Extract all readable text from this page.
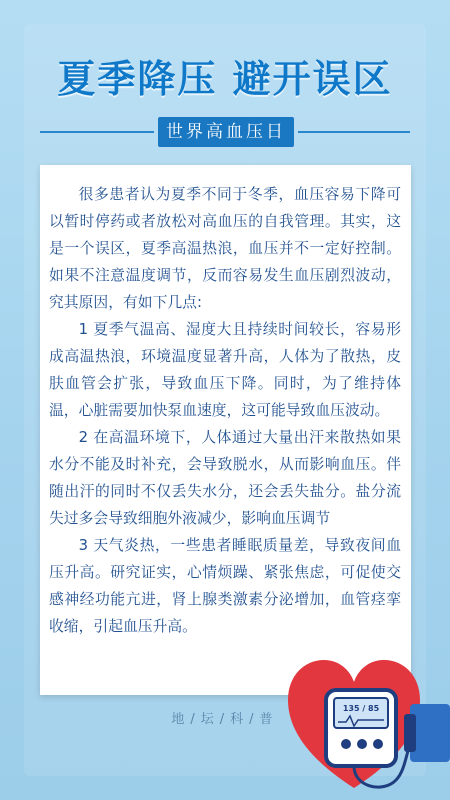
夏季降压 避开误区
世界高血压日

很多患者认为夏季不同于冬季，血压容易下降可以暂时停药或者放松对高血压的自我管理。其实，这是一个误区，夏季高温热浪，血压并不一定好控制。如果不注意温度调节，反而容易发生血压剧烈波动，究其原因，有如下几点:

1 夏季气温高、湿度大且持续时间较长，容易形成高温热浪，环境温度显著升高，人体为了散热，皮肤血管会扩张，导致血压下降。同时，为了维持体温，心脏需要加快泵血速度，这可能导致血压波动。

2 在高温环境下，人体通过大量出汗来散热如果水分不能及时补充，会导致脱水，从而影响血压。伴随出汗的同时不仅丢失水分，还会丢失盐分。盐分流失过多会导致细胞外液减少，影响血压调节

3 天气炎热，一些患者睡眠质量差，导致夜间血压升高。研究证实，心情烦躁、紧张焦虑，可促使交感神经功能亢进，肾上腺类激素分泌增加，血管痉挛收缩，引起血压升高。

地/坛/科/普
135 / 85
